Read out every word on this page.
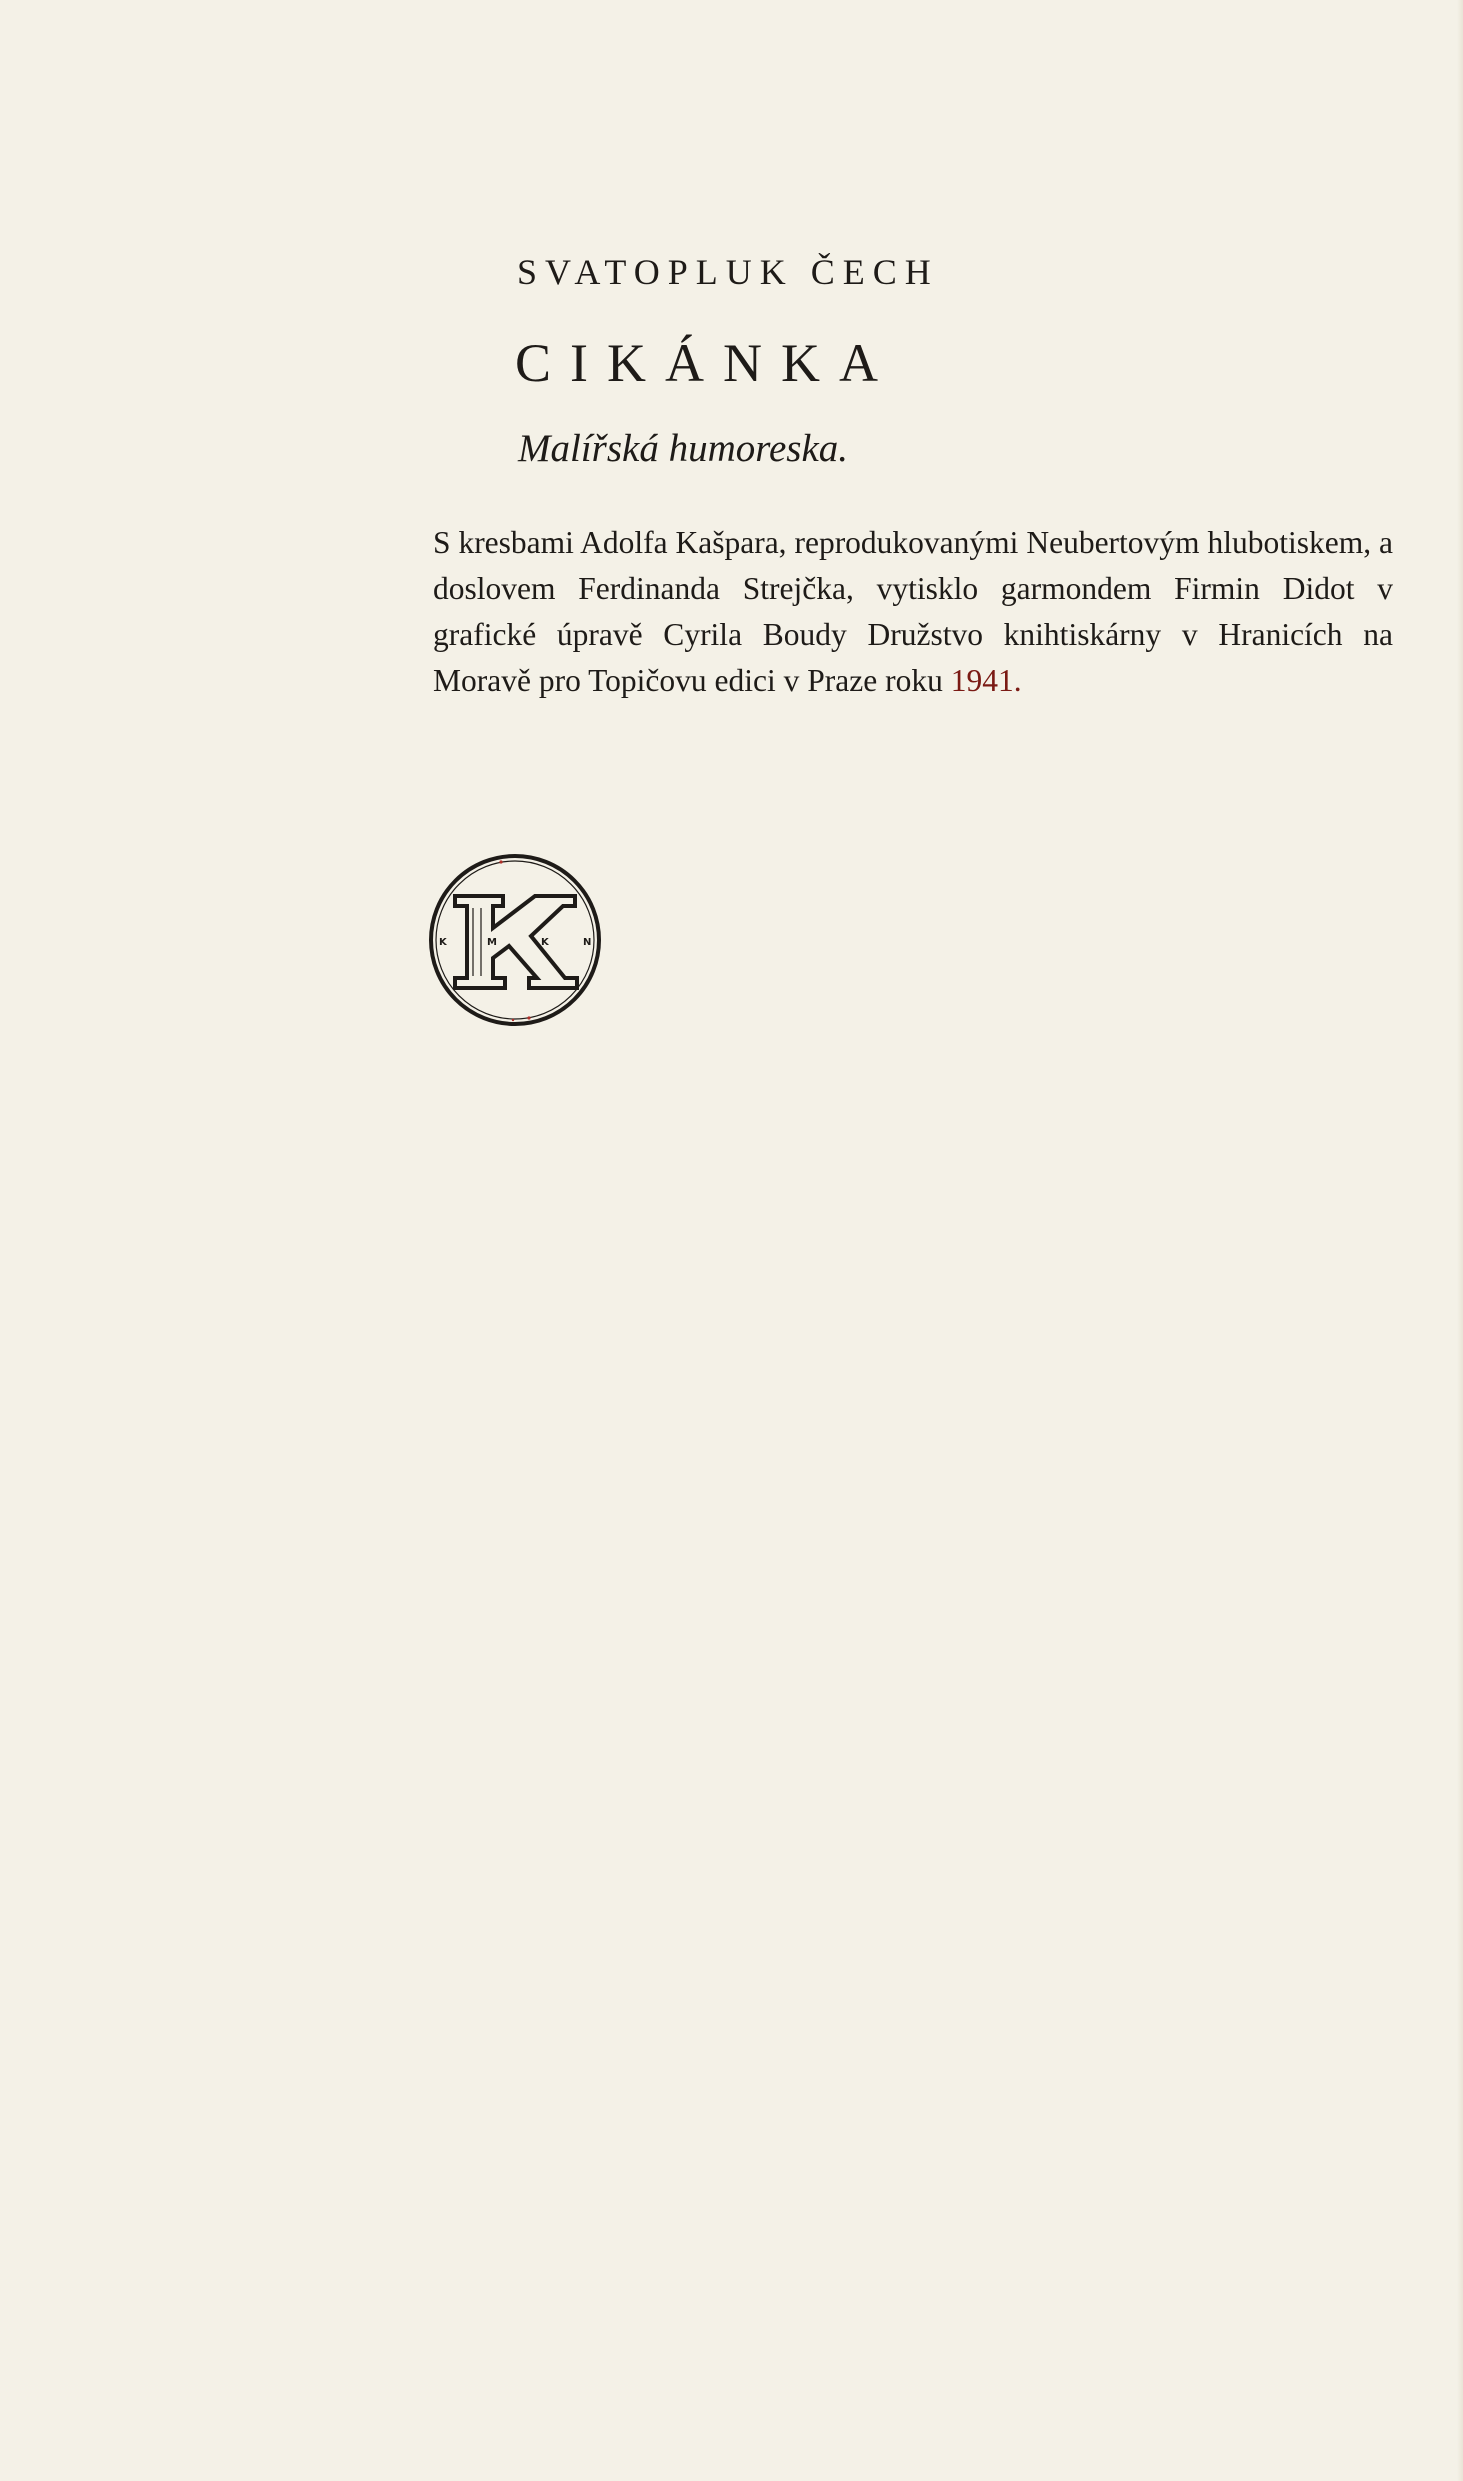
SVATOPLUK ČECH
CIKÁNKA
Malířská humoreska.
S kresbami Adolfa Kašpara, reprodukovanými Neubertovým hlubotiskem, a doslovem Ferdinanda Strejčka, vytisklo garmondem Firmin Didot v grafické úpravě Cyrila Boudy Družstvo knihtiskárny v Hranicích na Moravě pro Topičovu edici v Praze roku 1941.
K	M	K	N
